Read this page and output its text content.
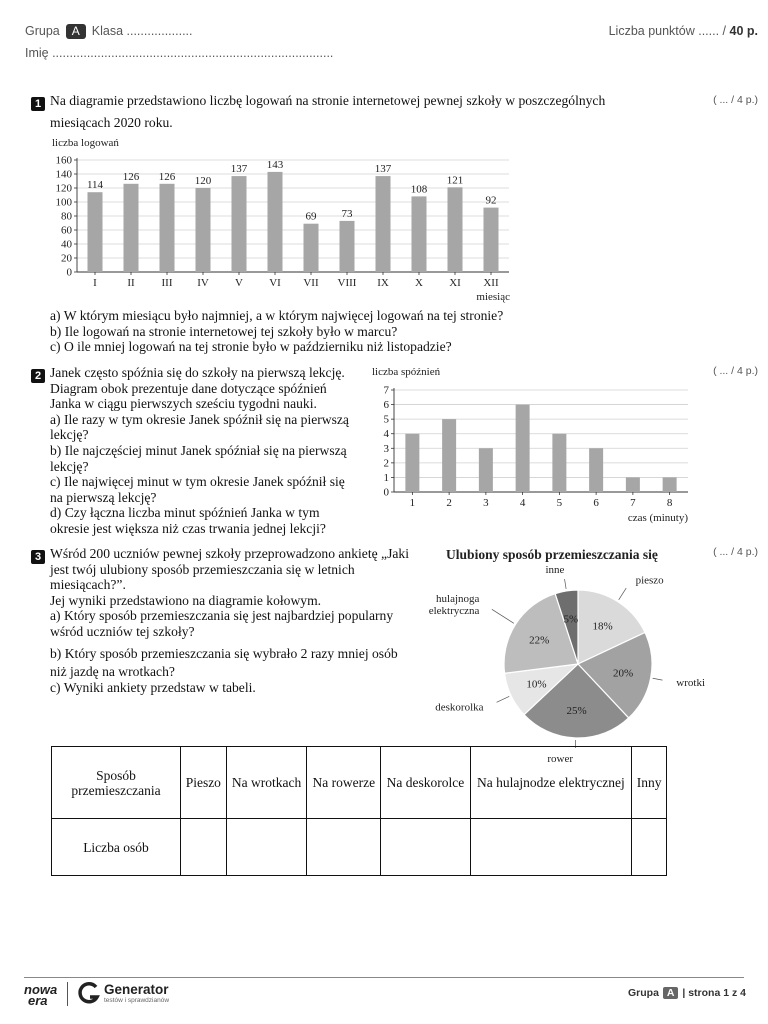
Grupa A Klasa ...................	Liczba punktów ...... / 40 p.
Imię .................................................................................
1	( ... / 4 p.)
Na diagramie przedstawiono liczbę logowań na stronie internetowej pewnej szkoły w poszczególnych
miesiącach 2020 roku.
liczba logowań
0
20
40
60
80
100
120
140
160
114
I
126
II
126
III
120
IV
137
V
143
VI
69
VII
73
VIII
137
IX
108
X
121
XI
92
XII
miesiąc
a) W którym miesiącu było najmniej, a w którym najwięcej logowań na tej stronie?
b) Ile logowań na stronie internetowej tej szkoły było w marcu?
c) O ile mniej logowań na tej stronie było w październiku niż listopadzie?
2	( ... / 4 p.)
Janek często spóźnia się do szkoły na pierwszą lekcję.
Diagram obok prezentuje dane dotyczące spóźnień
Janka w ciągu pierwszych sześciu tygodni nauki.
a) Ile razy w tym okresie Janek spóźnił się na pierwszą
lekcję?
b) Ile najczęściej minut Janek spóźniał się na pierwszą
lekcję?
c) Ile najwięcej minut w tym okresie Janek spóźnił się
na pierwszą lekcję?
d) Czy łączna liczba minut spóźnień Janka w tym
okresie jest większa niż czas trwania jednej lekcji?
liczba spóźnień
0
1
2
3
4
5
6
7
1	2	3	4	5	6	7	8
czas (minuty)
3	( ... / 4 p.)
Wśród 200 uczniów pewnej szkoły przeprowadzono ankietę „Jaki
jest twój ulubiony sposób przemieszczania się w letnich
miesiącach?”.
Jej wyniki przedstawiono na diagramie kołowym.
a) Który sposób przemieszczania się jest najbardziej popularny
wśród uczniów tej szkoły?
b) Który sposób przemieszczania się wybrało 2 razy mniej osób
niż jazdę na wrotkach?
c) Wyniki ankiety przedstaw w tabeli.
Ulubiony sposób przemieszczania się
18%
pieszo
20%
wrotki
25%
rower
10%
deskorolka
22%
hulajnoga
elektryczna
5%
inne
Sposób przemieszczania	Pieszo	Na wrotkach	Na rowerze	Na deskorolce	Na hulajnodze elektrycznej	Inny
Liczba osób						
nowa
era
Generator
testów i sprawdzianów
Grupa A | strona 1 z 4
